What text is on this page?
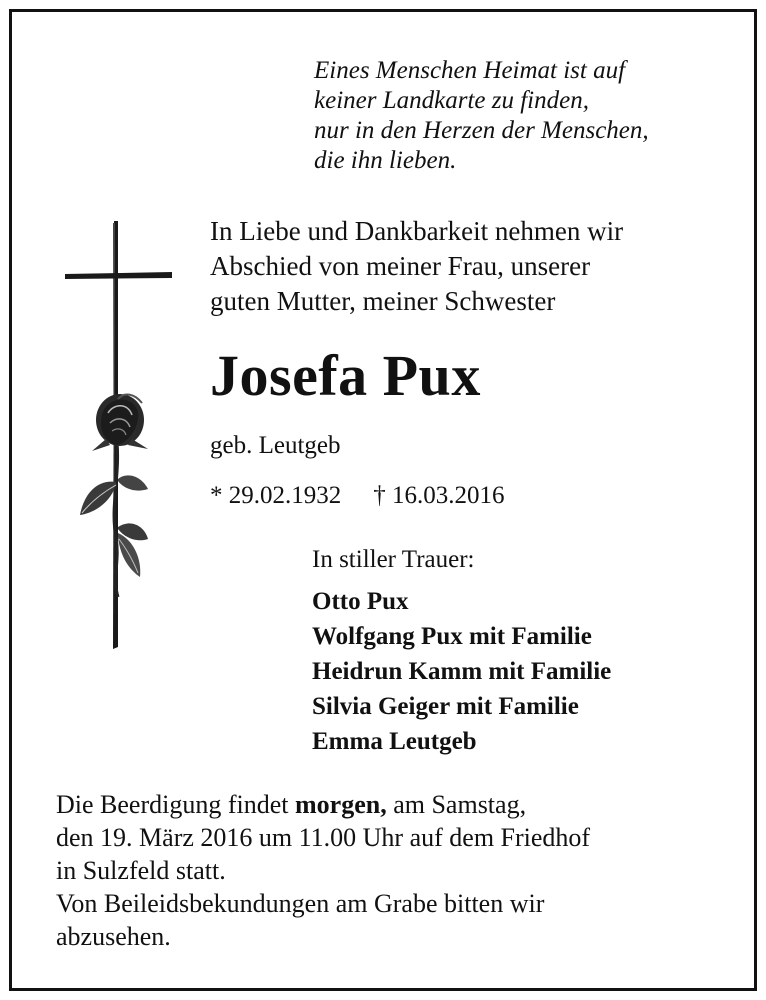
Eines Menschen Heimat ist auf
keiner Landkarte zu finden,
nur in den Herzen der Menschen,
die ihn lieben.
In Liebe und Dankbarkeit nehmen wir
Abschied von meiner Frau, unserer
guten Mutter, meiner Schwester
Josefa Pux
geb. Leutgeb
* 29.02.1932 † 16.03.2016
In stiller Trauer:
Otto Pux
Wolfgang Pux mit Familie
Heidrun Kamm mit Familie
Silvia Geiger mit Familie
Emma Leutgeb
Die Beerdigung findet morgen, am Samstag,
den 19. März 2016 um 11.00 Uhr auf dem Friedhof
in Sulzfeld statt.
Von Beileidsbekundungen am Grabe bitten wir
abzusehen.
